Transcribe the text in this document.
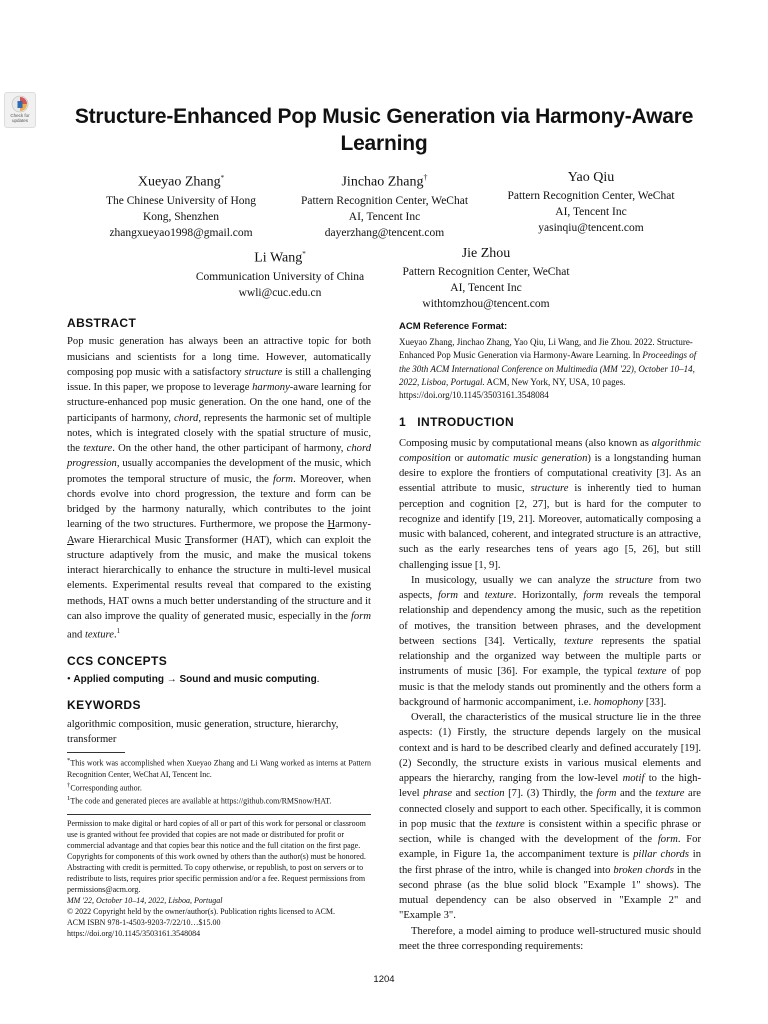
Check for
updates	Structure-Enhanced Pop Music Generation via Harmony-Aware Learning
Xueyao Zhang*
The Chinese University of Hong
Kong, Shenzhen
zhangxueyao1998@gmail.com
Jinchao Zhang†
Pattern Recognition Center, WeChat
AI, Tencent Inc
dayerzhang@tencent.com
Yao Qiu
Pattern Recognition Center, WeChat
AI, Tencent Inc
yasinqiu@tencent.com
Li Wang*
Communication University of China
wwli@cuc.edu.cn
Jie Zhou
Pattern Recognition Center, WeChat
AI, Tencent Inc
withtomzhou@tencent.com
ABSTRACT

Pop music generation has always been an attractive topic for both musicians and scientists for a long time. However, automatically composing pop music with a satisfactory structure is still a challenging issue. In this paper, we propose to leverage harmony-aware learning for structure-enhanced pop music generation. On the one hand, one of the participants of harmony, chord, represents the harmonic set of multiple notes, which is integrated closely with the spatial structure of music, the texture. On the other hand, the other participant of harmony, chord progression, usually accompanies the development of the music, which promotes the temporal structure of music, the form. Moreover, when chords evolve into chord progression, the texture and form can be bridged by the harmony naturally, which contributes to the joint learning of the two structures. Furthermore, we propose the Harmony-Aware Hierarchical Music Transformer (HAT), which can exploit the structure adaptively from the music, and make the musical tokens interact hierarchically to enhance the structure in multi-level musical elements. Experimental results reveal that compared to the existing methods, HAT owns a much better understanding of the structure and it can also improve the quality of generated music, especially in the form and texture.$^1$

CCS CONCEPTS

• Applied computing → Sound and music computing.

KEYWORDS

algorithmic composition, music generation, structure, hierarchy, transformer

*This work was accomplished when Xueyao Zhang and Li Wang worked as interns at Pattern Recognition Center, WeChat AI, Tencent Inc.
†Corresponding author.
$^1$The code and generated pieces are available at https://github.com/RMSnow/HAT.
Permission to make digital or hard copies of all or part of this work for personal or classroom use is granted without fee provided that copies are not made or distributed for profit or commercial advantage and that copies bear this notice and the full citation on the first page. Copyrights for components of this work owned by others than the author(s) must be honored. Abstracting with credit is permitted. To copy otherwise, or republish, to post on servers or to redistribute to lists, requires prior specific permission and/or a fee. Request permissions from permissions@acm.org.
MM '22, October 10–14, 2022, Lisboa, Portugal
© 2022 Copyright held by the owner/author(s). Publication rights licensed to ACM.
ACM ISBN 978-1-4503-9203-7/22/10…$15.00
https://doi.org/10.1145/3503161.3548084
ACM Reference Format:

Xueyao Zhang, Jinchao Zhang, Yao Qiu, Li Wang, and Jie Zhou. 2022. Structure-Enhanced Pop Music Generation via Harmony-Aware Learning. In Proceedings of the 30th ACM International Conference on Multimedia (MM '22), October 10–14, 2022, Lisboa, Portugal. ACM, New York, NY, USA, 10 pages. https://doi.org/10.1145/3503161.3548084

1 INTRODUCTION

Composing music by computational means (also known as algorithmic composition or automatic music generation) is a longstanding human desire to explore the frontiers of computational creativity [3]. As an essential attribute to music, structure is inherently tied to human perception and cognition [2, 27], but is hard for the computer to recognize and identify [19, 21]. Moreover, automatically composing a music with balanced, coherent, and integrated structure is an attractive, such as the early researches tens of years ago [5, 26], but still challenging issue [1, 9].

In musicology, usually we can analyze the structure from two aspects, form and texture. Horizontally, form reveals the temporal relationship and dependency among the music, such as the repetition of motives, the transition between phrases, and the development between sections [34]. Vertically, texture represents the spatial relationship and the organized way between the multiple parts or instruments of music [36]. For example, the typical texture of pop music is that the melody stands out prominently and the others form a background of harmonic accompaniment, i.e. homophony [33].

Overall, the characteristics of the musical structure lie in the three aspects: (1) Firstly, the structure depends largely on the musical context and is hard to be described clearly and defined accurately [19]. (2) Secondly, the structure exists in various musical elements and appears the hierarchy, ranging from the low-level motif to the high-level phrase and section [7]. (3) Thirdly, the form and the texture are connected closely and support to each other. Specifically, it is common in pop music that the texture is consistent within a specific phrase or section, while is changed with the development of the form. For example, in Figure 1a, the accompaniment texture is pillar chords in the first phrase of the intro, while is changed into broken chords in the second phrase (as the blue solid block "Example 1" shows). The mutual dependency can be also observed in "Example 2" and "Example 3".

Therefore, a model aiming to produce well-structured music should meet the three corresponding requirements:

1204
